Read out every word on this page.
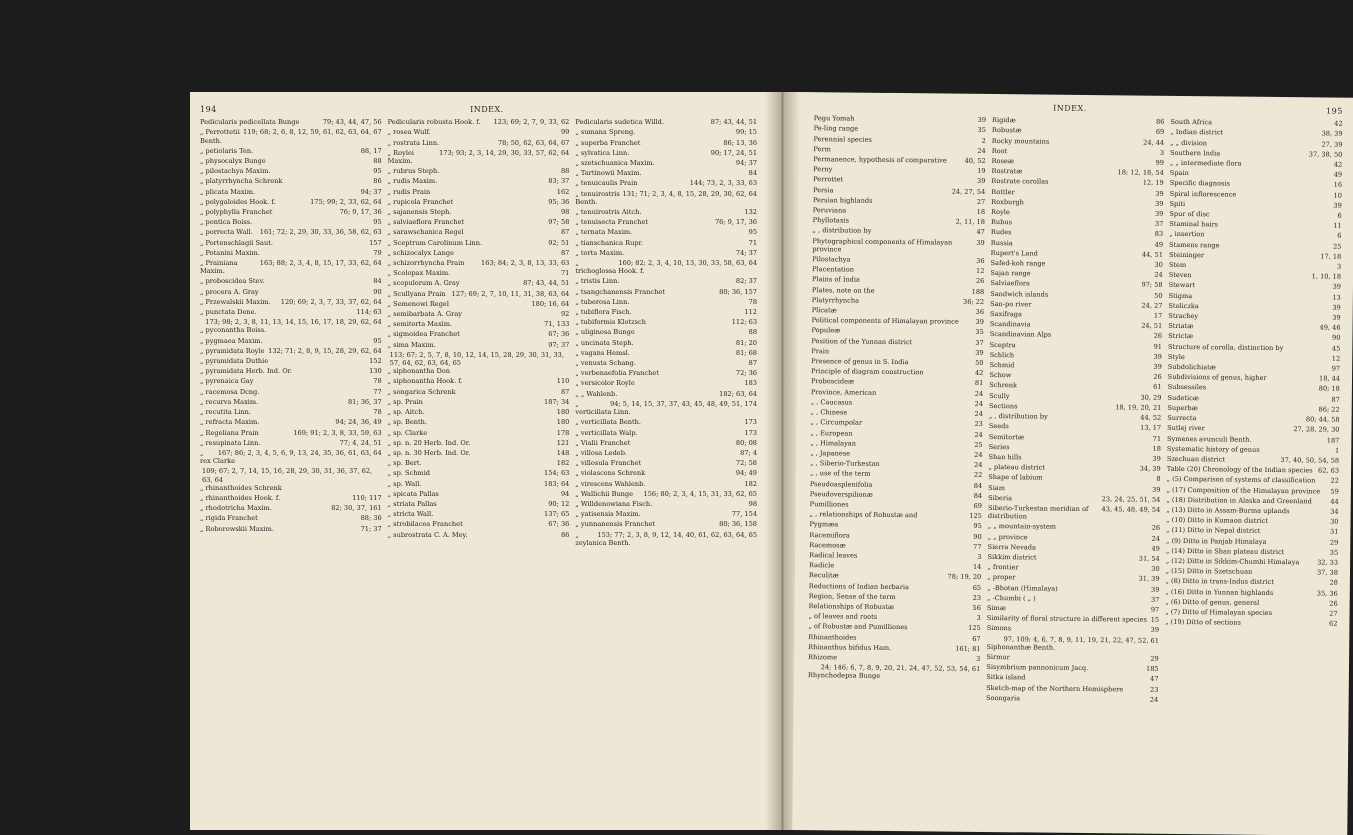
194	INDEX.
79; 43, 44, 47, 56
Pedicularis pedicellata Bunge
119; 68; 2, 6, 8, 12, 59, 61, 62, 63, 64, 67
„ Perrottetii Benth.
88, 17
„ petiolaris Ten.
88
„ physocalyx Bunge
95
„ pilostachya Maxim.
86
„ platyrrhyncha Schrenk
94; 37
„ plicata Maxim.
175; 99; 2, 33, 62, 64
„ polygaloides Hook. f.
76; 9, 17, 36
„ polyphylla Franchet
95
„ pontica Boiss.
161; 72; 2, 29, 30, 33, 36, 58, 62, 63
„ porrecta Wall.
157
„ Portenschlagii Saut.
79
„ Potanini Maxim.
163; 88; 2, 3, 4, 8, 15, 17, 33, 62, 64
„ Prainiana Maxim.
84
„ proboscidea Stev.
90
„ procera A. Gray
120; 69; 2, 3, 7, 33, 37, 62, 64
„ Przewalskii Maxim.
114; 63
„ punctata Dene.
173; 98; 2, 3, 8, 11, 13, 14, 15, 16, 17, 18, 29, 62, 64
„ pyconantha Boiss.
95
„ pygmaea Maxim.
132; 71; 2, 8, 9, 15, 28, 29, 62, 64
„ pyramidata Royle
152
„ pyramidata Duthie
130
„ pyramidata Herb. Ind. Or.
78
„ pyrenaica Gay
77
„ racemosa Dcng.
81; 36, 37
„ recurva Maxim.
78
„ recutita Linn.
94; 24, 36, 49
„ refracta Maxim.
169; 91; 2, 3, 8, 33, 59, 63
„ Regeliana Prain
77; 4, 24, 51
„ resupinata Linn.
167; 86; 2, 3, 4, 5, 6, 9, 13, 24, 35, 36, 61, 63, 64
„ rex Clarke
109; 67; 2, 7, 14, 15, 16, 28, 29, 30, 31, 36, 37, 62, 63, 64
„ rhinanthoides Schrenk
110; 117
„ rhinanthoides Hook. f.
82; 30, 37, 161
„ rhodotricha Maxim.
88; 36
„ rigida Franchet
71; 37
„ Roborowskii Maxim.
123; 69; 2, 7, 9, 33, 62
Pedicularis robusta Hook. f.
99
„ rosea Wulf.
78; 50, 62, 63, 64, 67
„ rostrata Linn.
173; 93; 2, 3, 14, 29, 30, 33, 57, 62, 64
„ Roylei Maxim.
88
„ rubrus Steph.
83; 37
„ rudis Maxim.
162
„ rudis Prain
95; 36
„ rupicola Franchet
98
„ sajanensis Steph.
97; 58
„ salviaeflora Franchet
87
„ sarawschanica Regel
92; 51
„ Sceptrum Carolinum Linn.
87
„ schizocalyx Lange
163; 84; 2, 3, 8, 13, 33, 63
„ schizorrhyncha Prain
71
„ Scolopax Maxim.
87; 43, 44, 51
„ scopulorum A. Gray
127; 69; 2, 7, 10, 11, 31, 38, 63, 64
„ Scullyana Prain
180; 16, 64
„ Semenowi Regel
92
„ semibarbata A. Gray
71, 133
„ semitorta Maxim.
67; 36
„ sigmoidea Franchet
97; 37
„ sima Maxim.
113; 67; 2, 5, 7, 8, 10, 12, 14, 15, 28, 29, 30, 31, 33, 57, 64, 62, 63, 64, 65
„ siphonantha Don
110
„ siphonantha Hook. f.
87
„ songarica Schrenk
187; 34
„ sp. Prain
180
„ sp. Aitch.
180
„ sp. Benth.
178
„ sp. Clarke
121
„ sp. n. 20 Herb. Ind. Or.
148
„ sp. n. 30 Herb. Ind. Or.
182
„ sp. Bert.
154; 63
„ sp. Schmid
183; 64
„ sp. Wall.
94
„ spicata Pallas
90; 12
„ striata Pallas
137; 65
„ stricta Wall.
67; 36
„ strobilacea Franchet
86
„ subrostrata C. A. Mey.
87; 43, 44, 51
Pedicularis sudetica Willd.
99; 15
„ sumana Spreng.
86; 13, 36
„ superba Franchet
90; 17, 24, 51
„ sylvatica Linn.
94; 37
„ szetschuanica Maxim.
84
„ Tartinowii Maxim.
144; 73, 2, 3, 33, 63
„ tenuicaulis Prain
131; 71; 2, 3, 4, 8, 15, 28, 29, 30, 62, 64
„ tenuirostris Benth.
132
„ tenuirostris Aitch.
76; 9, 17, 36
„ tenuisecta Franchet
95
„ ternata Maxim.
71
„ tianschanica Rupr.
74; 37
„ torta Maxim.
160; 82; 2, 3, 4, 10, 13, 30, 33, 58, 63, 64
„ trichoglossa Hook. f.
82; 37
„ tristis Linn.
80; 36, 157
„ tsangchanensis Franchet
78
„ tuberosa Linn.
112
„ tubiflora Fisch.
112; 63
„ tubiformis Klotzsch
88
„ uliginosa Bunge
81; 20
„ uncinata Steph.
81; 68
„ vagans Hemsl.
87
„ venusta Schang.
72; 36
„ verbenaefolia Franchet
183
„ versicolor Royle
182; 63, 64
„ „ Wahlenb.
94; 5, 14, 15, 37, 37, 43, 45, 48, 49, 51, 174
„ verticillata Linn.
173
„ verticillata Benth.
173
„ verticillata Walp.
80; 08
„ Vialii Franchet
87; 4
„ villosa Ledeb.
72; 58
„ villosula Franchet
94; 49
„ violascens Schrenk
182
„ virescens Wahlenb.
156; 80; 2, 3, 4, 15, 31, 33, 62, 65
„ Wallichii Bunge
98
„ Willdenowiana Fisch.
77, 154
„ yatisensis Maxim.
80; 36, 158
„ yunnanensis Franchet
153; 77; 2, 3, 8, 9, 12, 14, 40, 61, 62, 63, 64, 65
„ zeylanica Benth.
INDEX.	195
39
Pegu Yomah
35
Pe-ling range
2
Perennial species
24
Perm
40, 52
Permanence, hypothesis of comparative
19
Perny
39
Perrottet
24, 27, 54
Persia
27
Persian highlands
18
Peruviana
2, 11, 18
Phyllotaxis
47
„ , distribution by
39
Phytographical components of Himalayan province
36
Pilostachya
12
Placentation
26
Plains of India
188
Plates, note on the
36; 22
Platyrrhyncha
36
Plicatæ
39
Political components of Himalayan province
35
Populeæ
37
Position of the Yunnan district
39
Prain
50
Presence of genus in S. India
42
Principle of diagram construction
81
Proboscideæ
24
Province, American
24
„ , Caucasus
24
„ , Chinese
23
„ , Circumpolar
24
„ , European
25
„ , Himalayan
24
„ , Japanese
24
„ , Siberio-Turkestan
22
„ , use of the term
84
Pseudoasplenifolia
84
Pseudoverspilionæ
69
Pumilliones
125
„ , relationships of Robustæ and
95
Pygmæa
90
Racemiflora
77
Racemosæ
3
Radical leaves
14
Radicle
78; 19, 20
Reculitæ
65
Reductions of Indian herbaria
23
Region, Sense of the term
56
Relationships of Robustæ
3
„ of leaves and roots
125
„ of Robustæ and Pumilliones
67
Rhinanthoides
161; 81
Rhinanthus bifidus Ham.
3
Rhizome
24; 146; 6, 7, 8, 9, 20, 21, 24, 47, 52, 53, 54, 61
Rhynchodepsa Bunge
86
Rigidæ
69
Robustæ
24, 44
Rocky mountains
3
Root
99
Roseæ
18; 12, 18, 54
Rostratæ
12, 19
Rostrate corollas
39
Rottler
39
Roxburgh
39
Royle
37
Rubus
83
Rudes
49
Russia
44, 51
Rupert's Land
30
Safed-koh range
24
Sajan range
97; 58
Salviaeflora
50
Sandwich islands
24, 27
San-po river
17
Saxifraga
24, 51
Scandinavia
26
Scandinavian Alps
91
Sceptra
39
Schlich
39
Schmid
26
Schow
61
Schrenk
30, 29
Scully
18, 19, 20, 21
Sections
44, 52
„ , distribution by
13, 17
Seeds
71
Semitortæ
18
Series
39
Shan hills
34, 39
„ plateau district
8
Shape of labium
39
Siam
23, 24, 25, 51, 54
Siberia
43, 45, 48, 49, 54
Siberio-Turkestan meridian of distribution
26
„ „ mountain-system
24
„ „ province
49
Sierra Nevada
31, 54
Sikkim district
30
„ frontier
31, 39
„ proper
39
„ -Bhotan (Himalaya)
37
„ -Chumbi ( „ )
97
Simæ
15
Similarity of floral structure in different species
39
Simons
97, 109; 4, 6, 7, 8, 9, 11, 19, 21, 22, 47, 52, 61
Siphonanthæ Benth.
29
Sirmur
185
Sisymbrium pannonicum Jacq.
47
Sitka island
23
Sketch-map of the Northern Hemisphere
24
Soongaria
42
South Africa
38, 39
„ Indian district
27, 39
„ „ division
37, 38, 50
Southern India
42
„ „ intermediate flora
49
Spain
16
Specific diagnosis
10
Spiral inflorescence
39
Spiti
6
Spur of disc
11
Staminal hairs
6
„ insertion
25
Stamens range
17, 18
Steininger
3
Stem
1, 10, 18
Steven
39
Stewart
13
Stigma
39
Stoliczka
39
Strachey
49, 46
Striatæ
90
Strictæ
45
Structure of corolla, distinction by
12
Style
97
Subdolichiatæ
18, 44
Subdivisions of genus, higher
80; 18
Subsessiles
87
Sudeticæ
86; 22
Superbæ
80; 44, 58
Surrecta
27, 28, 29, 30
Sutlej river
187
Symenes avunculi Benth.
1
Systematic history of genus
37, 40, 50, 54, 58
Szechuan district
62, 63
Table (20) Chronology of the Indian species
22
„ (5) Comparison of systems of classification
59
„ (17) Composition of the Himalayan province
44
„ (18) Distribution in Alaska and Greenland
34
„ (13) Ditto in Assam-Burma uplands
30
„ (10) Ditto in Kumaon district
31
„ (11) Ditto in Nepal district
29
„ (9) Ditto in Panjab Himalaya
35
„ (14) Ditto in Shan plateau district
32, 33
„ (12) Ditto in Sikkim-Chumbi Himalaya
37, 38
„ (15) Ditto in Szetschuan
28
„ (8) Ditto in trans-Indus district
35, 36
„ (16) Ditto in Yunnan highlands
26
„ (6) Ditto of genus, general
27
„ (7) Ditto of Himalayan species
62
„ (19) Ditto of sections
